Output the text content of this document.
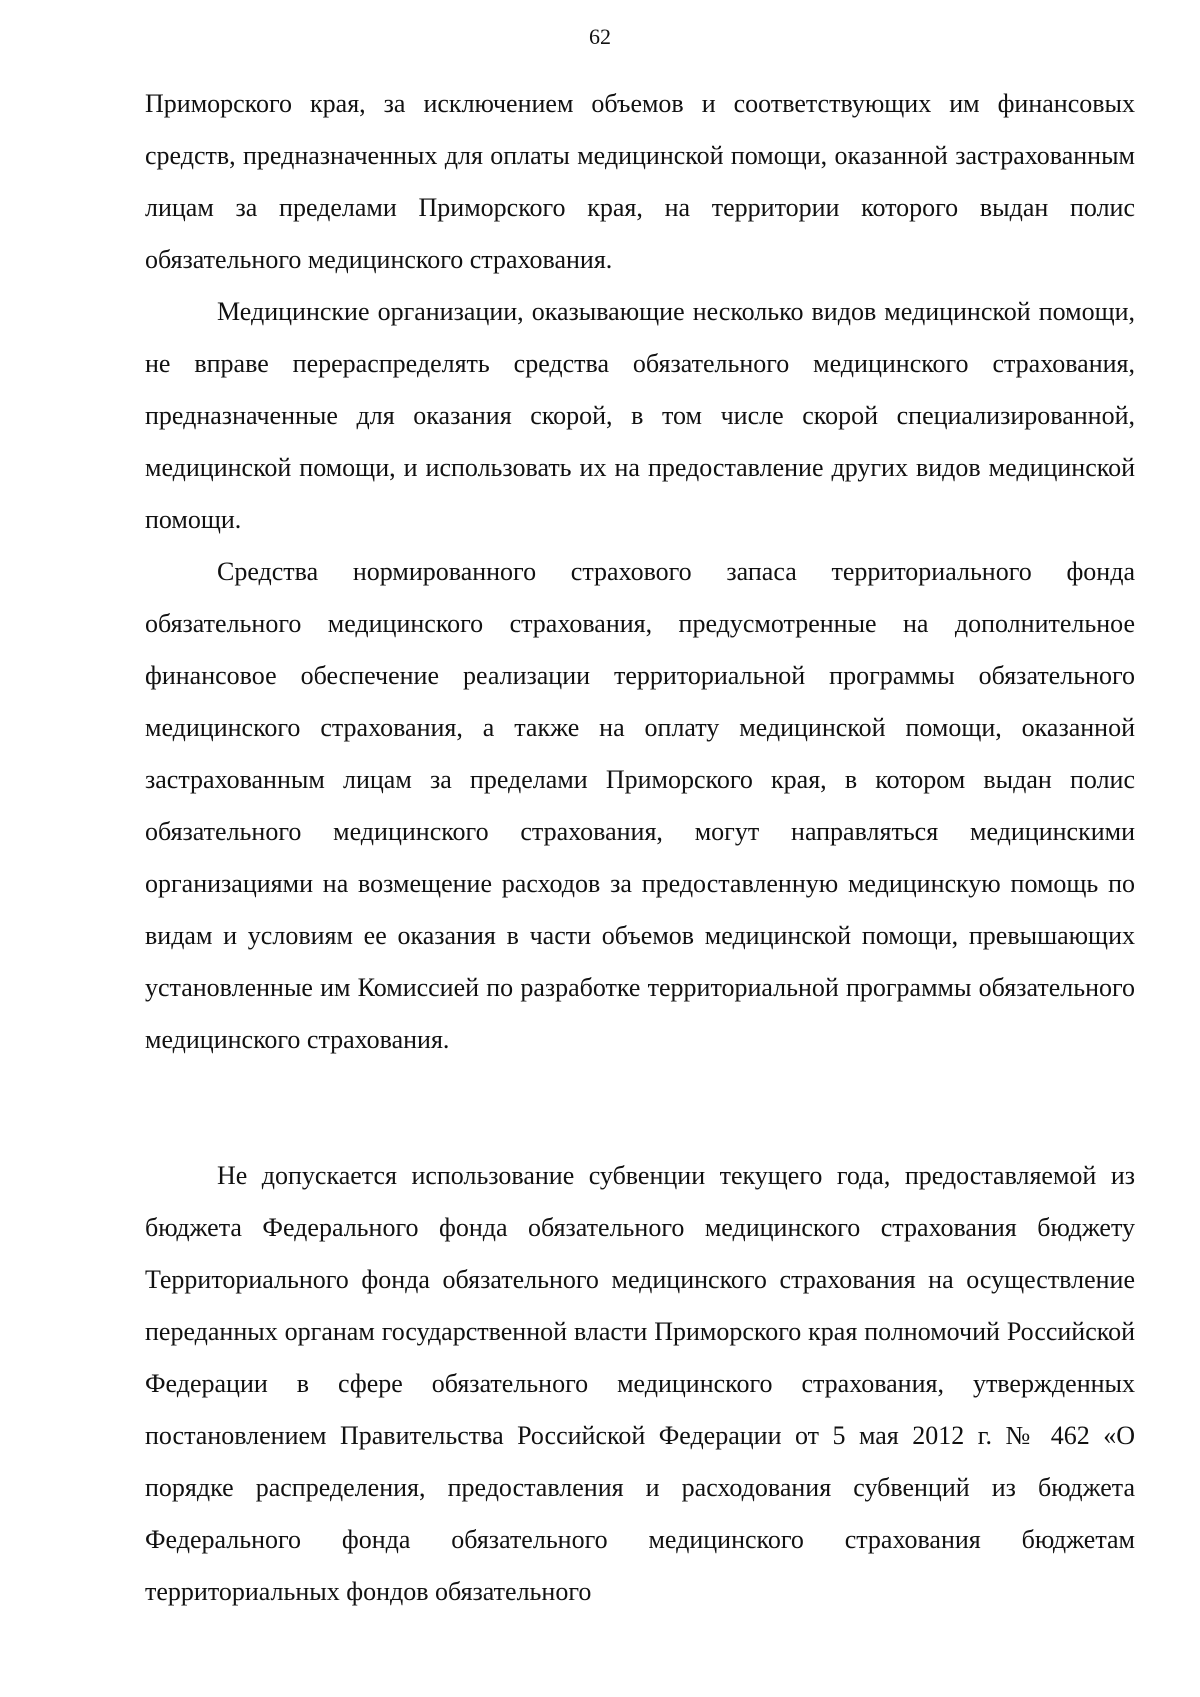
62

Приморского края, за исключением объемов и соответствующих им финансовых средств, предназначенных для оплаты медицинской помощи, оказанной застрахованным лицам за пределами Приморского края, на территории которого выдан полис обязательного медицинского страхования.

Медицинские организации, оказывающие несколько видов медицинской помощи, не вправе перераспределять средства обязательного медицинского страхования, предназначенные для оказания скорой, в том числе скорой специализированной, медицинской помощи, и использовать их на предоставление других видов медицинской помощи.

Средства нормированного страхового запаса территориального фонда обязательного медицинского страхования, предусмотренные на дополнительное финансовое обеспечение реализации территориальной программы обязательного медицинского страхования, а также на оплату медицинской помощи, оказанной застрахованным лицам за пределами Приморского края, в котором выдан полис обязательного медицинского страхования, могут направляться медицинскими организациями на возмещение расходов за предоставленную медицинскую помощь по видам и условиям ее оказания в части объемов медицинской помощи, превышающих установленные им Комиссией по разработке территориальной программы обязательного медицинского страхования.

Не допускается использование субвенции текущего года, предоставляемой из бюджета Федерального фонда обязательного медицинского страхования бюджету Территориального фонда обязательного медицинского страхования на осуществление переданных органам государственной власти Приморского края полномочий Российской Федерации в сфере обязательного медицинского страхования, утвержденных постановлением Правительства Российской Федерации от 5 мая 2012 г. № 462 «О порядке распределения, предоставления и расходования субвенций из бюджета Федерального фонда обязательного медицинского страхования бюджетам территориальных фондов обязательного
